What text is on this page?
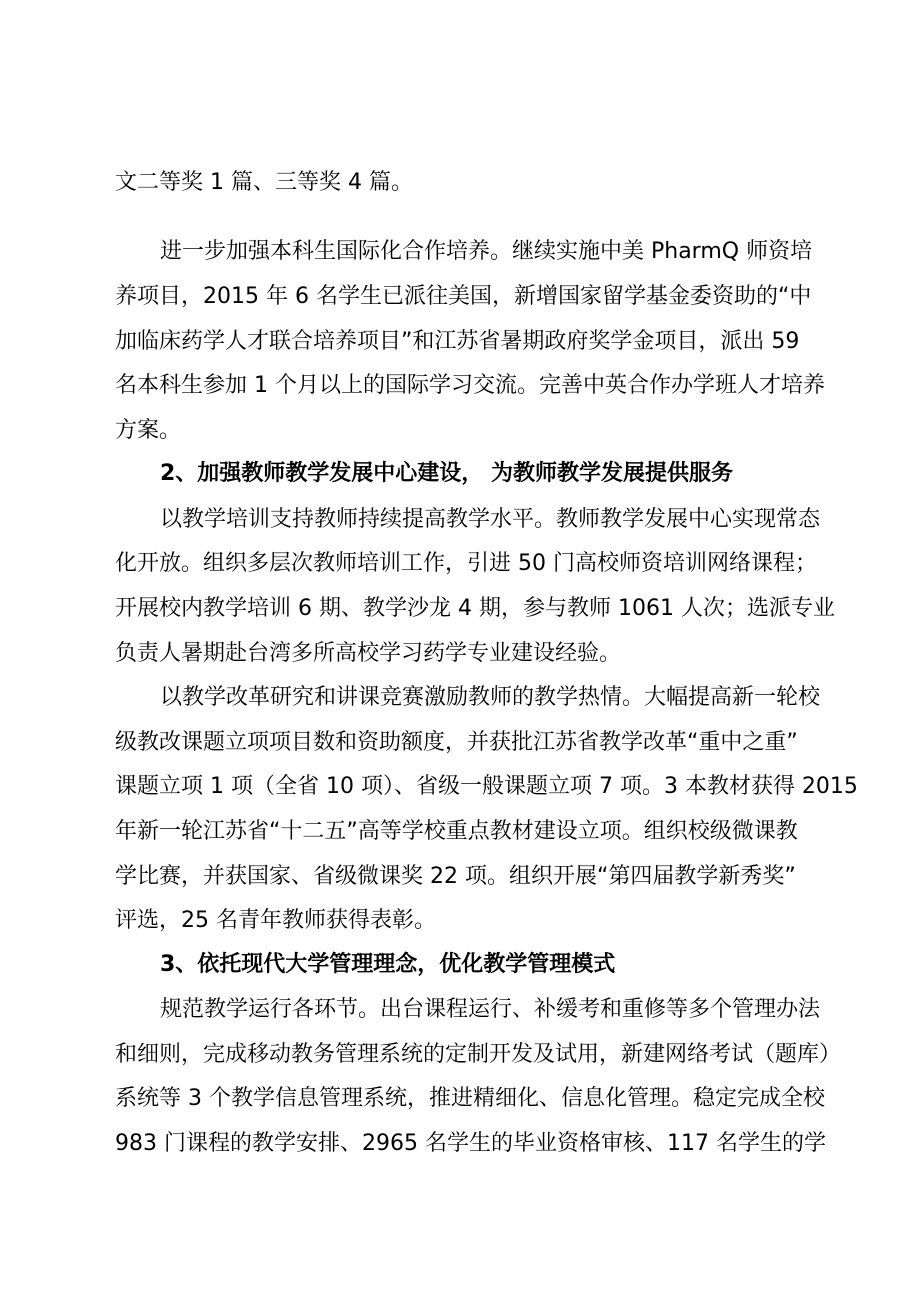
文二等奖 1 篇、三等奖 4 篇。
进一步加强本科生国际化合作培养。继续实施中美 PharmQ 师资培
养项目，2015 年 6 名学生已派往美国，新增国家留学基金委资助的“中
加临床药学人才联合培养项目”和江苏省暑期政府奖学金项目，派出 59
名本科生参加 1 个月以上的国际学习交流。完善中英合作办学班人才培养
方案。
2、加强教师教学发展中心建设， 为教师教学发展提供服务
以教学培训支持教师持续提高教学水平。教师教学发展中心实现常态
化开放。组织多层次教师培训工作，引进 50 门高校师资培训网络课程；
开展校内教学培训 6 期、教学沙龙 4 期，参与教师 1061 人次；选派专业
负责人暑期赴台湾多所高校学习药学专业建设经验。
以教学改革研究和讲课竞赛激励教师的教学热情。大幅提高新一轮校
级教改课题立项项目数和资助额度，并获批江苏省教学改革“重中之重”
课题立项 1 项（全省 10 项）、省级一般课题立项 7 项。3 本教材获得 2015
年新一轮江苏省“十二五”高等学校重点教材建设立项。组织校级微课教
学比赛，并获国家、省级微课奖 22 项。组织开展“第四届教学新秀奖”
评选，25 名青年教师获得表彰。
3、依托现代大学管理理念，优化教学管理模式
规范教学运行各环节。出台课程运行、补缓考和重修等多个管理办法
和细则，完成移动教务管理系统的定制开发及试用，新建网络考试（题库）
系统等 3 个教学信息管理系统，推进精细化、信息化管理。稳定完成全校
983 门课程的教学安排、2965 名学生的毕业资格审核、117 名学生的学
